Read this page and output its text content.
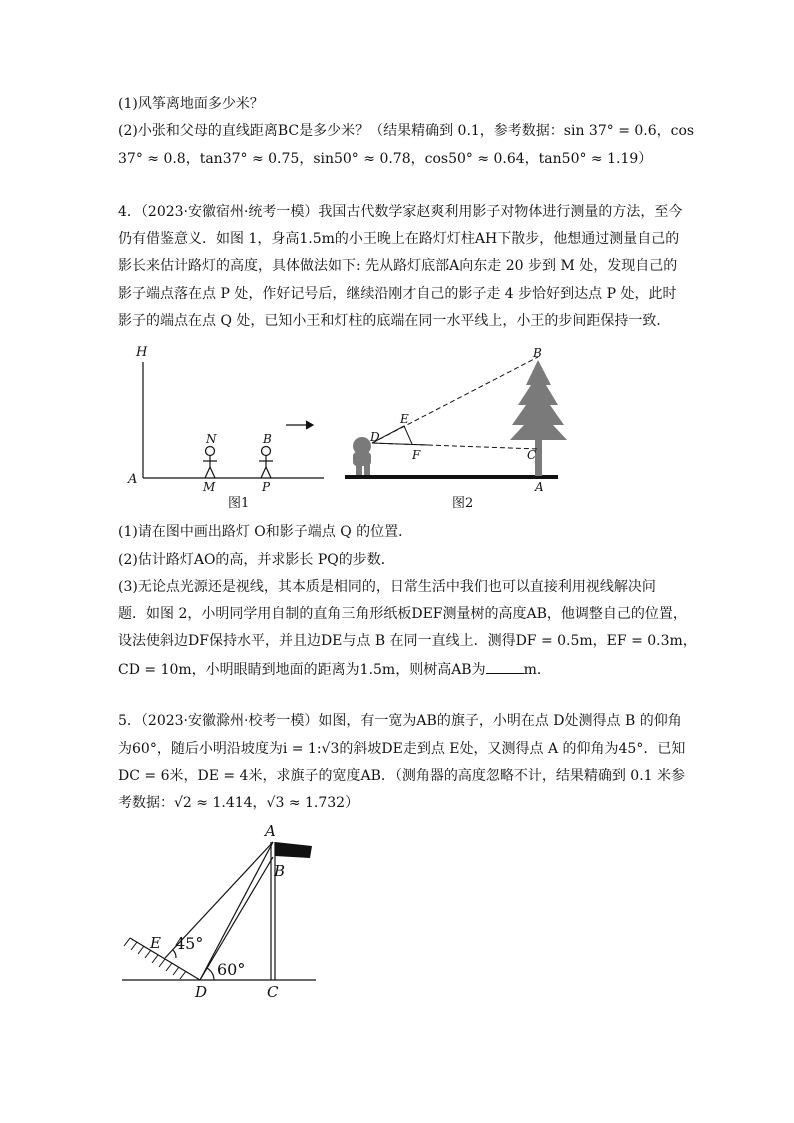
(1)风筝离地面多少米？
(2)小张和父母的直线距离BC是多少米？（结果精确到 0.1，参考数据：sin 37° = 0.6，cos
37° ≈ 0.8，tan37° ≈ 0.75，sin50° ≈ 0.78，cos50° ≈ 0.64，tan50° ≈ 1.19）
4．（2023·安徽宿州·统考一模）我国古代数学家赵爽利用影子对物体进行测量的方法，至今
仍有借鉴意义．如图 1，身高1.5m的小王晚上在路灯灯柱AH下散步，他想通过测量自己的
影长来估计路灯的高度，具体做法如下: 先从路灯底部A向东走 20 步到 M 处，发现自己的
影子端点落在点 P 处，作好记号后，继续沿刚才自己的影子走 4 步恰好到达点 P 处，此时
影子的端点在点 Q 处，已知小王和灯柱的底端在同一水平线上，小王的步间距保持一致．
H
A
N
M
B
P
图1
B
E
D
F	C
A
图2
(1)请在图中画出路灯 O和影子端点 Q 的位置．
(2)估计路灯AO的高，并求影长 PQ的步数．
(3)无论点光源还是视线，其本质是相同的，日常生活中我们也可以直接利用视线解决问
题．如图 2，小明同学用自制的直角三角形纸板DEF测量树的高度AB，他调整自己的位置，
设法使斜边DF保持水平，并且边DE与点 B 在同一直线上．测得DF = 0.5m，EF = 0.3m，
CD = 10m，小明眼睛到地面的距离为1.5m，则树高AB为	m．
5．（2023·安徽滁州·校考一模）如图，有一宽为AB的旗子，小明在点 D处测得点 B 的仰角
为60°，随后小明沿坡度为i = 1:√3的斜坡DE走到点 E处，又测得点 A 的仰角为45°．已知
DC = 6米，DE = 4米，求旗子的宽度AB．（测角器的高度忽略不计，结果精确到 0.1 米参
考数据：√2 ≈ 1.414，√3 ≈ 1.732）
A
B
E
D	C
45°
60°
